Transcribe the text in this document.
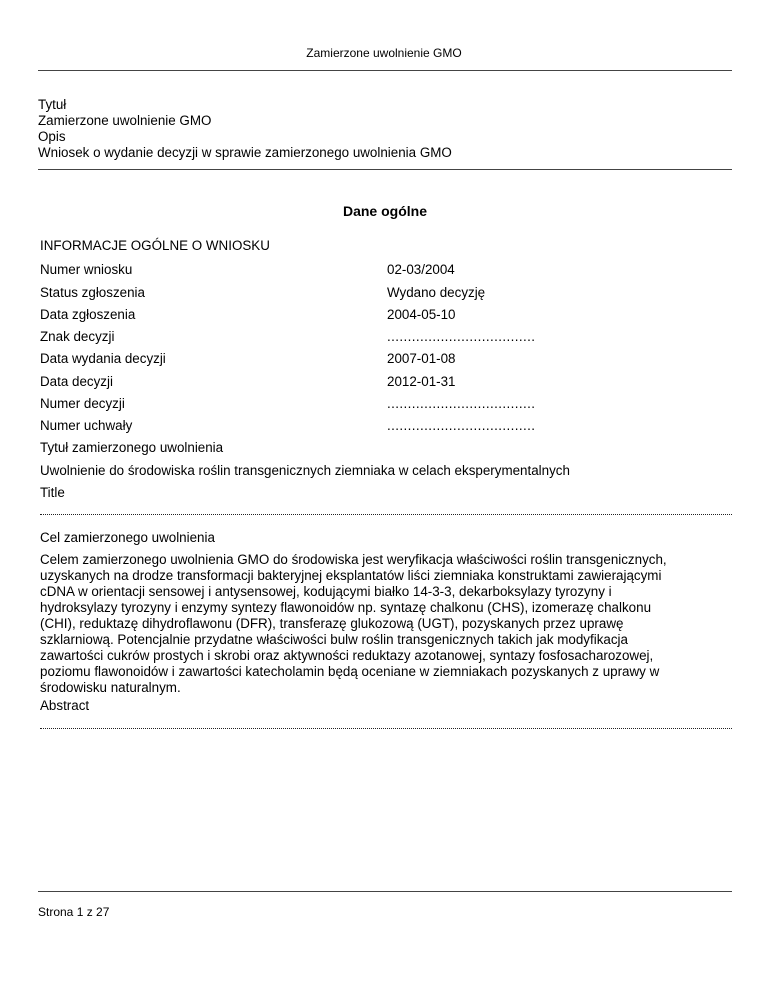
Zamierzone uwolnienie GMO
Tytuł
Zamierzone uwolnienie GMO
Opis
Wniosek o wydanie decyzji w sprawie zamierzonego uwolnienia GMO
Dane ogólne
INFORMACJE OGÓLNE O WNIOSKU
Numer wniosku	02-03/2004
Status zgłoszenia	Wydano decyzję
Data zgłoszenia	2004-05-10
Znak decyzji	....................................
Data wydania decyzji	2007-01-08
Data decyzji	2012-01-31
Numer decyzji	....................................
Numer uchwały	....................................
Tytuł zamierzonego uwolnienia
Uwolnienie do środowiska roślin transgenicznych ziemniaka w celach eksperymentalnych
Title
Cel zamierzonego uwolnienia
Celem zamierzonego uwolnienia GMO do środowiska jest weryfikacja właściwości roślin transgenicznych,
uzyskanych na drodze transformacji bakteryjnej eksplantatów liści ziemniaka konstruktami zawierającymi
cDNA w orientacji sensowej i antysensowej, kodującymi białko 14-3-3, dekarboksylazy tyrozyny i
hydroksylazy tyrozyny i enzymy syntezy flawonoidów np. syntazę chalkonu (CHS), izomerazę chalkonu
(CHI), reduktazę dihydroflawonu (DFR), transferazę glukozową (UGT), pozyskanych przez uprawę
szklarniową. Potencjalnie przydatne właściwości bulw roślin transgenicznych takich jak modyfikacja
zawartości cukrów prostych i skrobi oraz aktywności reduktazy azotanowej, syntazy fosfosacharozowej,
poziomu flawonoidów i zawartości katecholamin będą oceniane w ziemniakach pozyskanych z uprawy w
środowisku naturalnym.
Abstract
Strona 1 z 27
